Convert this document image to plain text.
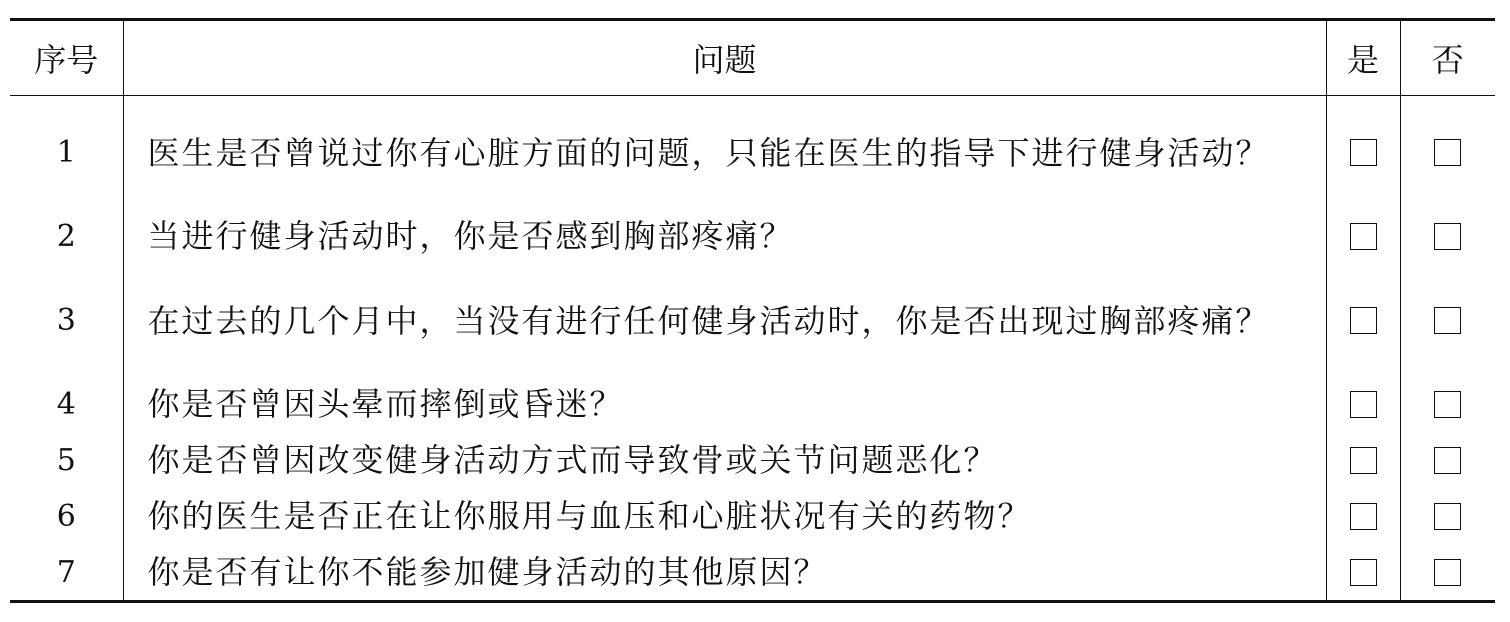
序号	问题	是	否
1	医生是否曾说过你有心脏方面的问题，只能在医生的指导下进行健身活动？		
2	当进行健身活动时，你是否感到胸部疼痛？		
3	在过去的几个月中，当没有进行任何健身活动时，你是否出现过胸部疼痛？		
4	你是否曾因头晕而摔倒或昏迷？		
5	你是否曾因改变健身活动方式而导致骨或关节问题恶化？		
6	你的医生是否正在让你服用与血压和心脏状况有关的药物？		
7	你是否有让你不能参加健身活动的其他原因？		
